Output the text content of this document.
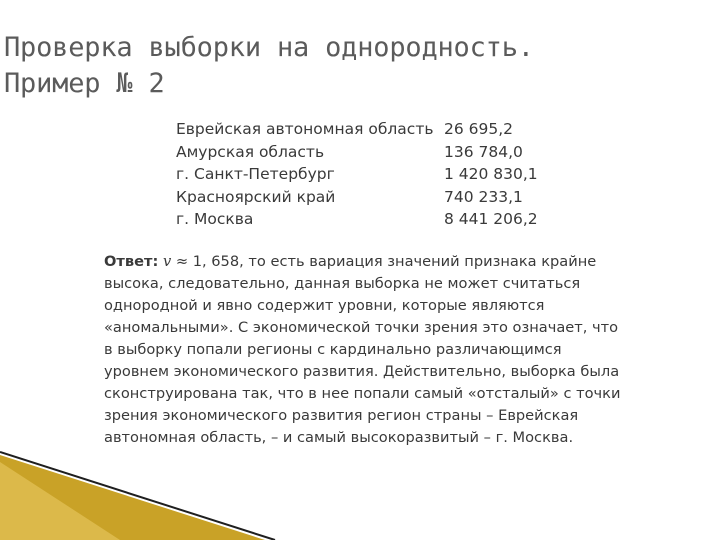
Проверка выборки на однородность.
Пример № 2
Еврейская автономная область	26 695,2
Амурская область	136 784,0
г. Санкт-Петербург	1 420 830,1
Красноярский край	740 233,1
г. Москва	8 441 206,2
Ответ: v ≈ 1, 658, то есть вариация значений признака крайне высока, следовательно, данная выборка не может считаться однородной и явно содержит уровни, которые являются «аномальными». С экономической точки зрения это означает, что в выборку попали регионы с кардинально различающимся уровнем экономического развития. Действительно, выборка была сконструирована так, что в нее попали самый «отсталый» с точки зрения экономического развития регион страны – Еврейская автономная область, – и самый высокоразвитый – г. Москва.
